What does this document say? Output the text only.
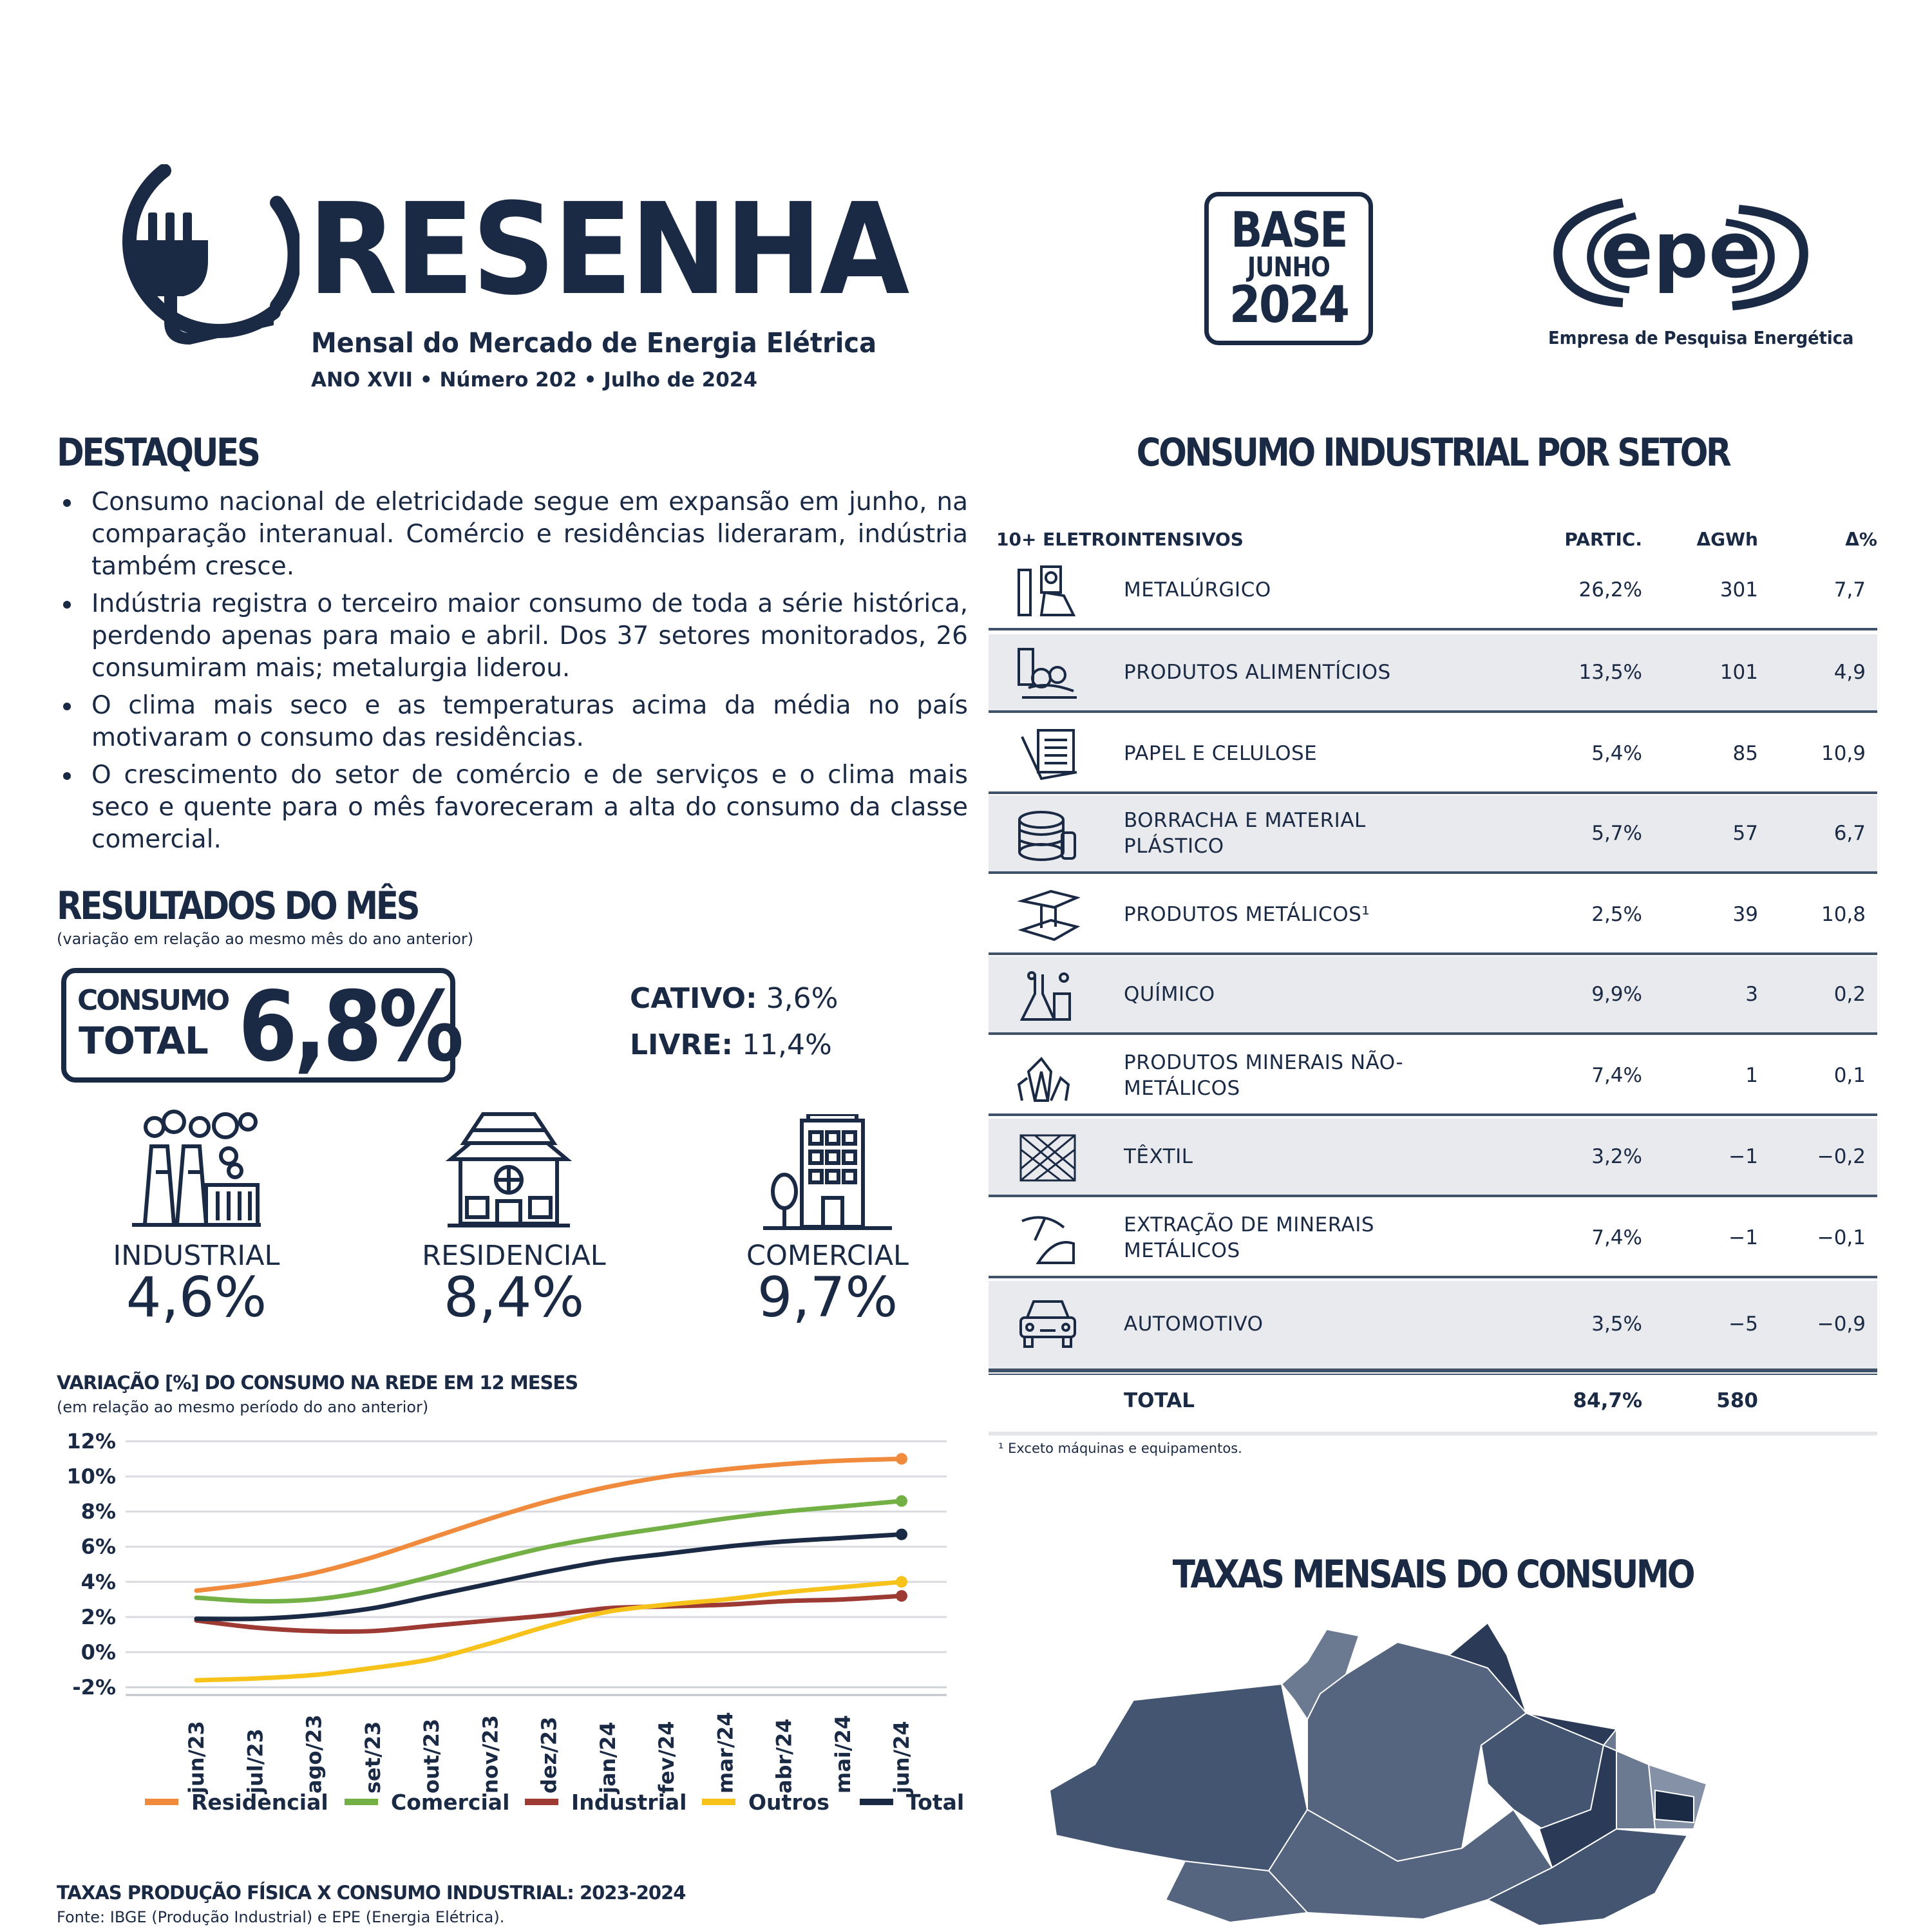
RESENHA
Mensal do Mercado de Energia Elétrica
ANO XVII • Número 202 • Julho de 2024
BASE
JUNHO
2024
epe
Empresa de Pesquisa Energética
DESTAQUES
• Consumo nacional de eletricidade segue em expansão em junho, na comparação interanual. Comércio e residências lideraram, indústria também cresce.
• Indústria registra o terceiro maior consumo de toda a série histórica, perdendo apenas para maio e abril. Dos 37 setores monitorados, 26 consumiram mais; metalurgia liderou.
• O clima mais seco e as temperaturas acima da média no país motivaram o consumo das residências.
• O crescimento do setor de comércio e de serviços e o clima mais seco e quente para o mês favoreceram a alta do consumo da classe comercial.
RESULTADOS DO MÊS
(variação em relação ao mesmo mês do ano anterior)
CONSUMO
TOTAL 6,8%	CATIVO: 3,6%
LIVRE: 11,4%
INDUSTRIAL
4,6%
RESIDENCIAL
8,4%
COMERCIAL
9,7%
VARIAÇÃO [%] DO CONSUMO NA REDE EM 12 MESES
(em relação ao mesmo período do ano anterior)
12%
10%
8%
6%
4%
2%
0%
-2%
jun/23 jul/23 ago/23 set/23 out/23 nov/23 dez/23 jan/24 fev/24 mar/24 abr/24 mai/24 jun/24
Residencial	Comercial	Industrial	Outros	Total
TAXAS PRODUÇÃO FÍSICA X CONSUMO INDUSTRIAL: 2023-2024
Fonte: IBGE (Produção Industrial) e EPE (Energia Elétrica).
CONSUMO INDUSTRIAL POR SETOR
10+ ELETROINTENSIVOS	PARTIC.	ΔGWh	Δ%
METALÚRGICO	26,2%	301	7,7
PRODUTOS ALIMENTÍCIOS	13,5%	101	4,9
PAPEL E CELULOSE	5,4%	85	10,9
BORRACHA E MATERIAL PLÁSTICO
5,7%	57	6,7
PRODUTOS METÁLICOS¹	2,5%	39	10,8
QUÍMICO	9,9%	3	0,2
PRODUTOS MINERAIS NÃO-METÁLICOS
7,4%	1	0,1
TÊXTIL	3,2%	−1	−0,2
EXTRAÇÃO DE MINERAIS METÁLICOS
7,4%	−1	−0,1
AUTOMOTIVO	3,5%	−5	−0,9
TOTAL	84,7%	580
¹ Exceto máquinas e equipamentos.
TAXAS MENSAIS DO CONSUMO
